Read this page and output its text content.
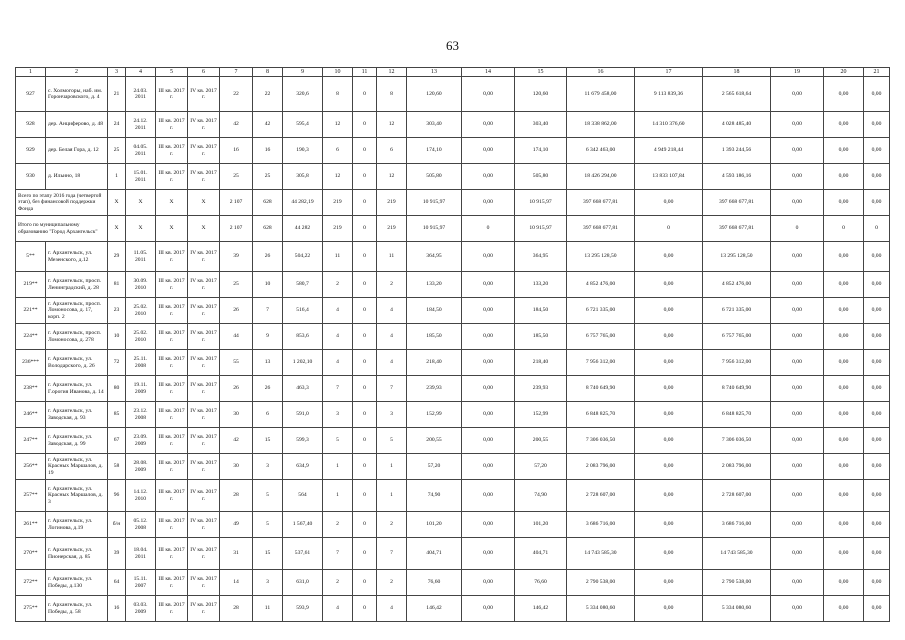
63
1	2	3	4	5	6	7	8	9	10	11	12	13	14	15	16	17	18	19	20	21
927	с. Холмогоры, наб. им. Горончаровского, д. 4	21	24.03. 2011	III кв. 2017 г.	IV кв. 2017 г.	22	22	320,6	8	0	8	120,60	0,00	120,60	11 679 458,00	9 113 839,36	2 565 618,64	0,00	0,00	0,00
928	дер. Анциферово, д. 48	24	24.12. 2011	III кв. 2017 г.	IV кв. 2017 г.	42	42	595,4	12	0	12	303,40	0,00	303,40	18 338 862,00	14 310 376,60	4 028 485,40	0,00	0,00	0,00
929	дер. Белая Гора, д. 12	25	04.05. 2011	III кв. 2017 г.	IV кв. 2017 г.	16	16	190,3	6	0	6	174,10	0,00	174,10	6 342 463,00	4 949 218,44	1 393 244,56	0,00	0,00	0,00
930	д. Ильино, 18	1	15.01. 2011	III кв. 2017 г.	IV кв. 2017 г.	25	25	305,8	12	0	12	505,80	0,00	505,80	18 426 294,00	13 833 107,84	4 593 186,16	0,00	0,00	0,00
Всего по этапу 2016 года (четвертой этап), без финансовой поддержки Фонда		X	X	X	X	2 107	628	44 282,19	219	0	219	10 915,97	0,00	10 915,97	397 668 677,81	0,00	397 668 677,81	0,00	0,00	0,00
Итого по муниципальному образованию "Город Архангельск"		X	X	X	X	2 107	628	44 282	219	0	219	10 915,97	0	10 915,97	397 668 677,81	0	397 668 677,81	0	0	0
5**	г. Архангельск, ул. Мезенского, д.12	29	11.05. 2011	III кв. 2017 г.	IV кв. 2017 г.	39	26	504,22	11	0	11	364,95	0,00	364,95	13 295 128,50	0,00	13 295 128,50	0,00	0,00	0,00
219**	г. Архангельск, просп. Ленинградский, д. 28	81	30.09. 2010	III кв. 2017 г.	IV кв. 2017 г.	25	10	580,7	2	0	2	133,20	0,00	133,20	4 852 476,00	0,00	4 852 476,00	0,00	0,00	0,00
221**	г. Архангельск, просп. Ломоносова, д. 17, корп. 2	23	25.02. 2010	III кв. 2017 г.	IV кв. 2017 г.	26	7	516,4	4	0	4	184,50	0,00	184,50	6 721 335,00	0,00	6 721 335,00	0,00	0,00	0,00
224**	г. Архангельск, просп. Ломоносова, д. 278	10	25.02. 2010	III кв. 2017 г.	IV кв. 2017 г.	44	9	853,6	4	0	4	185,50	0,00	185,50	6 757 765,00	0,00	6 757 765,00	0,00	0,00	0,00
236***	г. Архангельск, ул. Володарского, д. 26	72	25.11. 2008	III кв. 2017 г.	IV кв. 2017 г.	55	13	1 202,10	4	0	4	218,40	0,00	218,40	7 956 312,00	0,00	7 956 312,00	0,00	0,00	0,00
238**	г. Архангельск, ул. Г.орогия Иванова, д. 14	80	19.11. 2009	III кв. 2017 г.	IV кв. 2017 г.	26	26	463,3	7	0	7	239,93	0,00	239,93	8 740 649,90	0,00	8 740 649,90	0,00	0,00	0,00
246**	г. Архангельск, ул. Заводская, д. 93	85	23.12. 2008	III кв. 2017 г.	IV кв. 2017 г.	30	6	591,0	3	0	3	152,99	0,00	152,99	6 848 825,70	0,00	6 848 825,70	0,00	0,00	0,00
247**	г. Архангельск, ул. Заводская, д. 99	67	23.09. 2009	III кв. 2017 г.	IV кв. 2017 г.	42	15	599,3	5	0	5	200,55	0,00	200,55	7 306 036,50	0,00	7 306 036,50	0,00	0,00	0,00
256**	г. Архангельск, ул. Красных Маршалов, д. 19	58	28.08. 2009	III кв. 2017 г.	IV кв. 2017 г.	30	3	634,9	1	0	1	57,20	0,00	57,20	2 083 796,00	0,00	2 083 796,00	0,00	0,00	0,00
257**	г. Архангельск, ул. Красных Маршалов, д. 3	96	14.12. 2010	III кв. 2017 г.	IV кв. 2017 г.	28	5	564	1	0	1	74,90	0,00	74,90	2 728 607,00	0,00	2 728 607,00	0,00	0,00	0,00
261**	г. Архангельск, ул. Логинова, д.19	б/н	05.12. 2008	III кв. 2017 г.	IV кв. 2017 г.	49	5	1 567,40	2	0	2	101,20	0,00	101,20	3 686 716,00	0,00	3 686 716,00	0,00	0,00	0,00
270**	г. Архангельск, ул. Пионерская, д. 85	39	18.04. 2011	III кв. 2017 г.	IV кв. 2017 г.	31	15	537,61	7	0	7	404,71	0,00	404,71	14 743 585,30	0,00	14 743 585,30	0,00	0,00	0,00
272**	г. Архангельск, ул. Победы, д.130	64	15.11. 2007	III кв. 2017 г.	IV кв. 2017 г.	14	3	631,0	2	0	2	76,60	0,00	76,60	2 790 538,00	0,00	2 790 538,00	0,00	0,00	0,00
275**	г. Архангельск, ул. Победы, д. 58	16	03.03. 2009	III кв. 2017 г.	IV кв. 2017 г.	28	11	593,9	4	0	4	146,42	0,00	146,42	5 334 080,60	0,00	5 334 080,60	0,00	0,00	0,00
